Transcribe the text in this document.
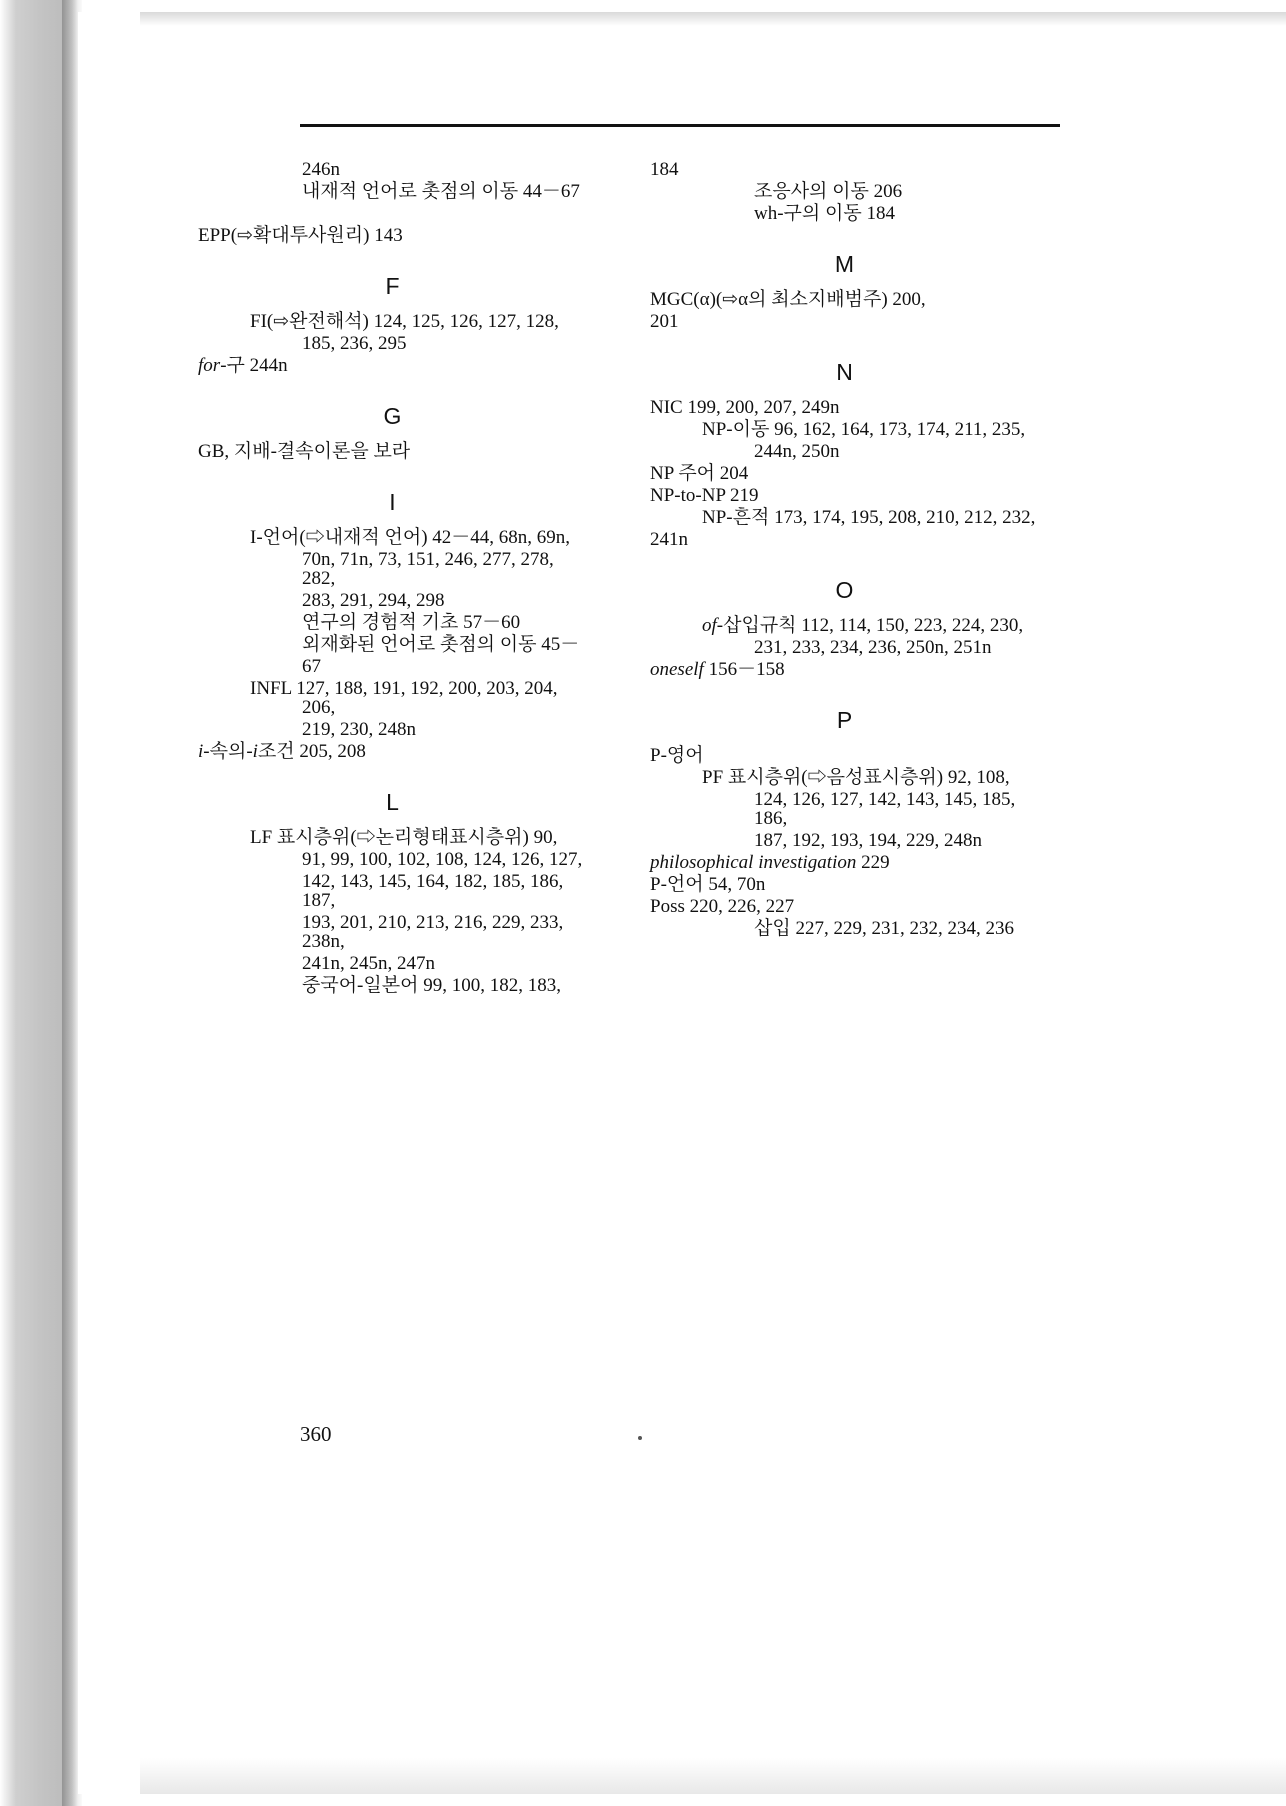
246n
내재적 언어로 촛점의 이동 44－67
EPP(⇨확대투사원리) 143
F
FI(⇨완전해석) 124, 125, 126, 127, 128,
185, 236, 295
for-구 244n
G
GB, 지배-결속이론을 보라
I
I-언어(⇨내재적 언어) 42－44, 68n, 69n,
70n, 71n, 73, 151, 246, 277, 278, 282,
283, 291, 294, 298
연구의 경험적 기초 57－60
외재화된 언어로 촛점의 이동 45－
67
INFL 127, 188, 191, 192, 200, 203, 204, 206,
219, 230, 248n
i-속의-i조건 205, 208
L
LF 표시층위(⇨논리형태표시층위) 90,
91, 99, 100, 102, 108, 124, 126, 127,
142, 143, 145, 164, 182, 185, 186, 187,
193, 201, 210, 213, 216, 229, 233, 238n,
241n, 245n, 247n
중국어-일본어 99, 100, 182, 183,
184
조응사의 이동 206
wh-구의 이동 184
M
MGC(α)(⇨α의 최소지배범주) 200,
201
N
NIC 199, 200, 207, 249n
NP-이동 96, 162, 164, 173, 174, 211, 235,
244n, 250n
NP 주어 204
NP-to-NP 219
NP-흔적 173, 174, 195, 208, 210, 212, 232,
241n
O
of-삽입규칙 112, 114, 150, 223, 224, 230,
231, 233, 234, 236, 250n, 251n
oneself 156－158
P
P-영어
PF 표시층위(⇨음성표시층위) 92, 108,
124, 126, 127, 142, 143, 145, 185, 186,
187, 192, 193, 194, 229, 248n
philosophical investigation 229
P-언어 54, 70n
Poss 220, 226, 227
삽입 227, 229, 231, 232, 234, 236
360
